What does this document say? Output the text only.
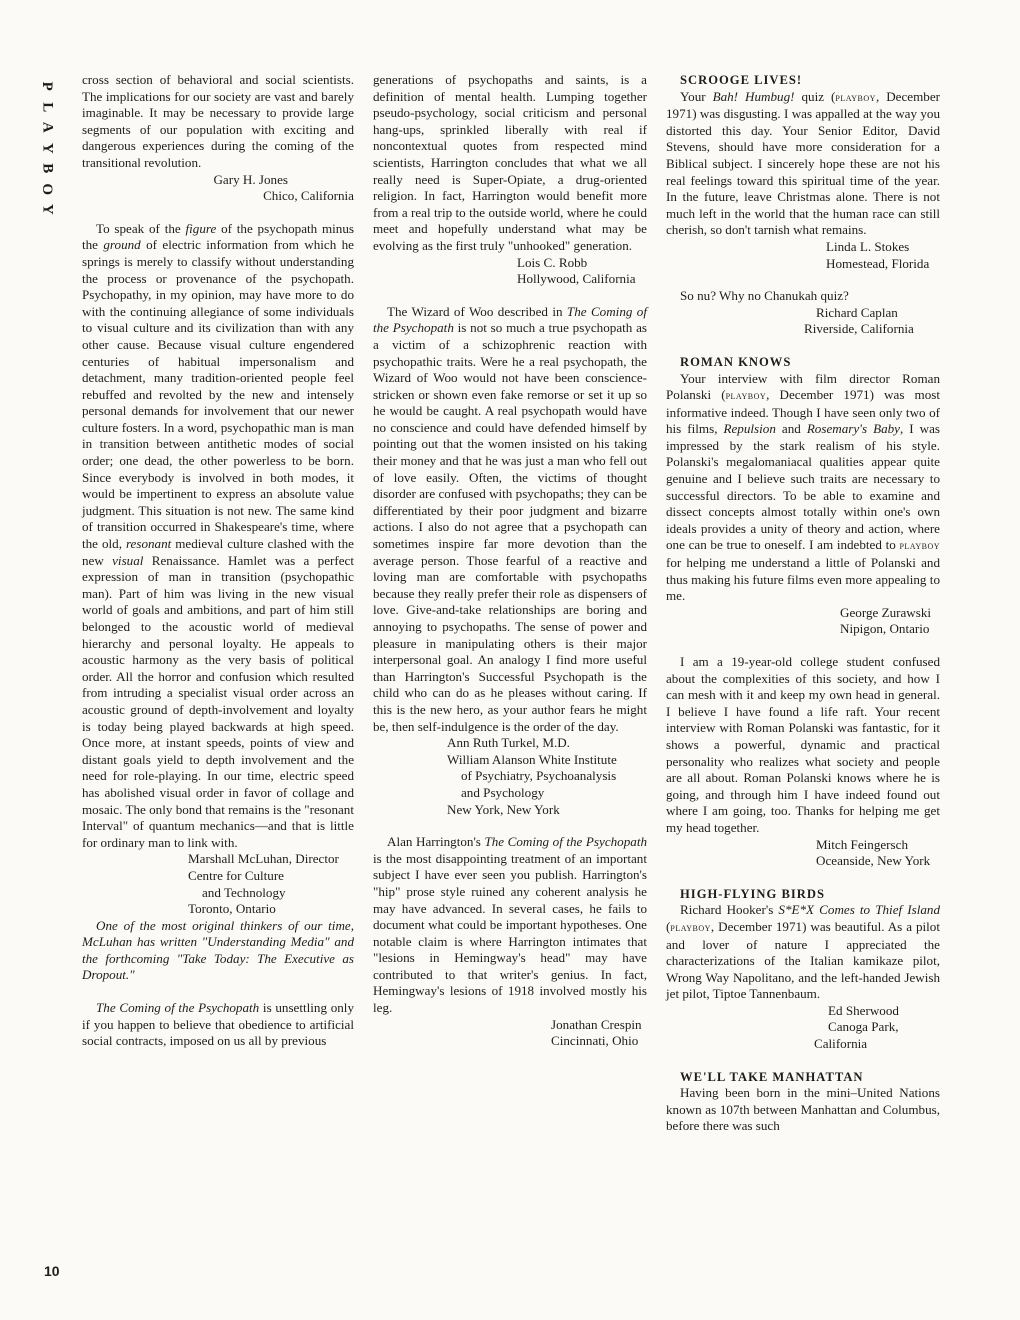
P
L
A
Y
B
O
Y
10

cross section of behavioral and social scientists. The implications for our society are vast and barely imaginable. It may be necessary to provide large segments of our population with exciting and dangerous experiences during the coming of the transitional revolution.

Gary H. Jones

Chico, California

To speak of the figure of the psychopath minus the ground of electric information from which he springs is merely to classify without understanding the process or provenance of the psychopath. Psychopathy, in my opinion, may have more to do with the continuing allegiance of some individuals to visual culture and its civilization than with any other cause. Because visual culture engendered centuries of habitual impersonalism and detachment, many tradition-oriented people feel rebuffed and revolted by the new and intensely personal demands for involvement that our newer culture fosters. In a word, psychopathic man is man in transition between antithetic modes of social order; one dead, the other powerless to be born. Since everybody is involved in both modes, it would be impertinent to express an absolute value judgment. This situation is not new. The same kind of transition occurred in Shakespeare's time, where the old, resonant medieval culture clashed with the new visual Renaissance. Hamlet was a perfect expression of man in transition (psychopathic man). Part of him was living in the new visual world of goals and ambitions, and part of him still belonged to the acoustic world of medieval hierarchy and personal loyalty. He appeals to acoustic harmony as the very basis of political order. All the horror and confusion which resulted from intruding a specialist visual order across an acoustic ground of depth-involvement and loyalty is today being played backwards at high speed. Once more, at instant speeds, points of view and distant goals yield to depth involvement and the need for role-playing. In our time, electric speed has abolished visual order in favor of collage and mosaic. The only bond that remains is the "resonant Interval" of quantum mechanics—and that is little for ordinary man to link with.

Marshall McLuhan, Director

Centre for Culture

and Technology

Toronto, Ontario

One of the most original thinkers of our time, McLuhan has written "Understanding Media" and the forthcoming "Take Today: The Executive as Dropout."

The Coming of the Psychopath is unsettling only if you happen to believe that obedience to artificial social contracts, imposed on us all by previous

generations of psychopaths and saints, is a definition of mental health. Lumping together pseudo-psychology, social criticism and personal hang-ups, sprinkled liberally with real if noncontextual quotes from respected mind scientists, Harrington concludes that what we all really need is Super-Opiate, a drug-oriented religion. In fact, Harrington would benefit more from a real trip to the outside world, where he could meet and hopefully understand what may be evolving as the first truly "unhooked" generation.

Lois C. Robb

Hollywood, California

The Wizard of Woo described in The Coming of the Psychopath is not so much a true psychopath as a victim of a schizophrenic reaction with psychopathic traits. Were he a real psychopath, the Wizard of Woo would not have been conscience-stricken or shown even fake remorse or set it up so he would be caught. A real psychopath would have no conscience and could have defended himself by pointing out that the women insisted on his taking their money and that he was just a man who fell out of love easily. Often, the victims of thought disorder are confused with psychopaths; they can be differentiated by their poor judgment and bizarre actions. I also do not agree that a psychopath can sometimes inspire far more devotion than the average person. Those fearful of a reactive and loving man are comfortable with psychopaths because they really prefer their role as dispensers of love. Give-and-take relationships are boring and annoying to psychopaths. The sense of power and pleasure in manipulating others is their major interpersonal goal. An analogy I find more useful than Harrington's Successful Psychopath is the child who can do as he pleases without caring. If this is the new hero, as your author fears he might be, then self-indulgence is the order of the day.

Ann Ruth Turkel, M.D.

William Alanson White Institute

of Psychiatry, Psychoanalysis

and Psychology

New York, New York

Alan Harrington's The Coming of the Psychopath is the most disappointing treatment of an important subject I have ever seen you publish. Harrington's "hip" prose style ruined any coherent analysis he may have advanced. In several cases, he fails to document what could be important hypotheses. One notable claim is where Harrington intimates that "lesions in Hemingway's head" may have contributed to that writer's genius. In fact, Hemingway's lesions of 1918 involved mostly his leg.

Jonathan Crespin

Cincinnati, Ohio

SCROOGE LIVES!

Your Bah! Humbug! quiz (playboy, December 1971) was disgusting. I was appalled at the way you distorted this day. Your Senior Editor, David Stevens, should have more consideration for a Biblical subject. I sincerely hope these are not his real feelings toward this spiritual time of the year. In the future, leave Christmas alone. There is not much left in the world that the human race can still cherish, so don't tarnish what remains.

Linda L. Stokes

Homestead, Florida

So nu? Why no Chanukah quiz?

Richard Caplan

Riverside, California

ROMAN KNOWS

Your interview with film director Roman Polanski (playboy, December 1971) was most informative indeed. Though I have seen only two of his films, Repulsion and Rosemary's Baby, I was impressed by the stark realism of his style. Polanski's megalomaniacal qualities appear quite genuine and I believe such traits are necessary to successful directors. To be able to examine and dissect concepts almost totally within one's own ideals provides a unity of theory and action, where one can be true to oneself. I am indebted to playboy for helping me understand a little of Polanski and thus making his future films even more appealing to me.

George Zurawski

Nipigon, Ontario

I am a 19-year-old college student confused about the complexities of this society, and how I can mesh with it and keep my own head in general. I believe I have found a life raft. Your recent interview with Roman Polanski was fantastic, for it shows a powerful, dynamic and practical personality who realizes what society and people are all about. Roman Polanski knows where he is going, and through him I have indeed found out where I am going, too. Thanks for helping me get my head together.

Mitch Feingersch

Oceanside, New York

HIGH-FLYING BIRDS

Richard Hooker's S*E*X Comes to Thief Island (playboy, December 1971) was beautiful. As a pilot and lover of nature I appreciated the characterizations of the Italian kamikaze pilot, Wrong Way Napolitano, and the left-handed Jewish jet pilot, Tiptoe Tannenbaum.

Ed Sherwood

Canoga Park, California

WE'LL TAKE MANHATTAN

Having been born in the mini–United Nations known as 107th between Manhattan and Columbus, before there was such
